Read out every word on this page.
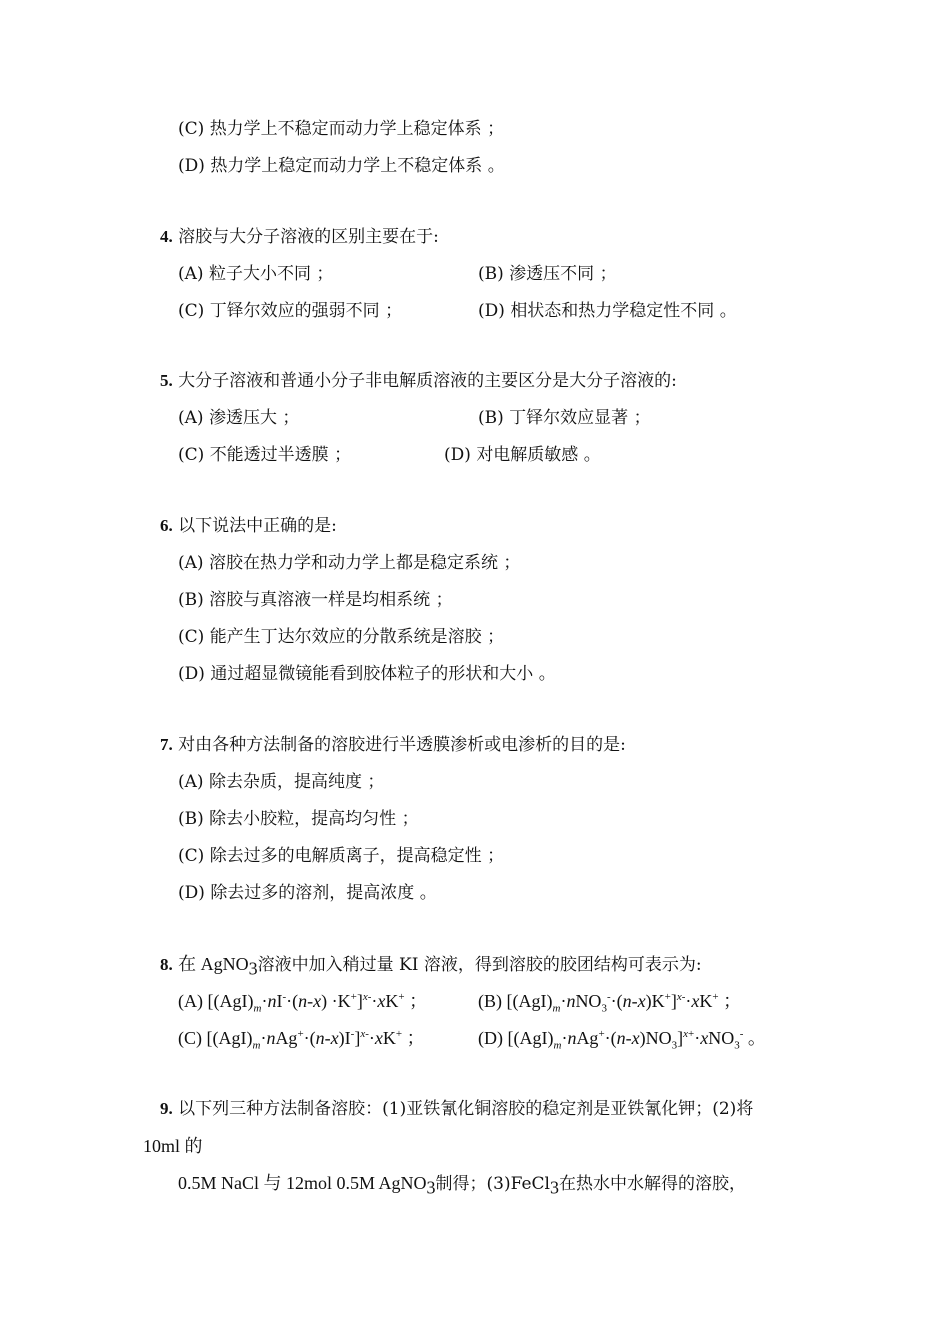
(C) 热力学上不稳定而动力学上稳定体系 ；
(D) 热力学上稳定而动力学上不稳定体系 。
4. 溶胶与大分子溶液的区别主要在于:
(A) 粒子大小不同 ；	(B) 渗透压不同 ；
(C) 丁铎尔效应的强弱不同 ；	(D) 相状态和热力学稳定性不同 。
5. 大分子溶液和普通小分子非电解质溶液的主要区分是大分子溶液的:
(A) 渗透压大 ；	(B) 丁铎尔效应显著 ；
(C) 不能透过半透膜 ；	(D) 对电解质敏感 。
6. 以下说法中正确的是:
(A) 溶胶在热力学和动力学上都是稳定系统 ；
(B) 溶胶与真溶液一样是均相系统 ；
(C) 能产生丁达尔效应的分散系统是溶胶 ；
(D) 通过超显微镜能看到胶体粒子的形状和大小 。
7. 对由各种方法制备的溶胶进行半透膜渗析或电渗析的目的是:
(A) 除去杂质，提高纯度 ；
(B) 除去小胶粒，提高均匀性 ；
(C) 除去过多的电解质离子，提高稳定性 ；
(D) 除去过多的溶剂，提高浓度 。
8. 在 AgNO$_3$溶液中加入稍过量 KI 溶液，得到溶胶的胶团结构可表示为:
(A) $[(AgI)_m\cdot nI^-\cdot(n-x) \cdot K^+]^{x-}\cdot xK^+$ ；	(B) $[(AgI)_m\cdot nNO_3^-\cdot(n-x)K^+]^{x-}\cdot xK^+$ ；
(C) $[(AgI)_m\cdot nAg^+\cdot(n-x)I^-]^{x-}\cdot xK^+$ ；	(D) $[(AgI)_m\cdot nAg^+\cdot(n-x)NO_3]^{x+}\cdot xNO_3^-$ 。
9. 以下列三种方法制备溶胶：(1)亚铁氰化铜溶胶的稳定剂是亚铁氰化钾；(2)将
10ml 的
0.5M NaCl 与 12mol 0.5M AgNO$_3$制得；(3)FeCl$_3$在热水中水解得的溶胶，
